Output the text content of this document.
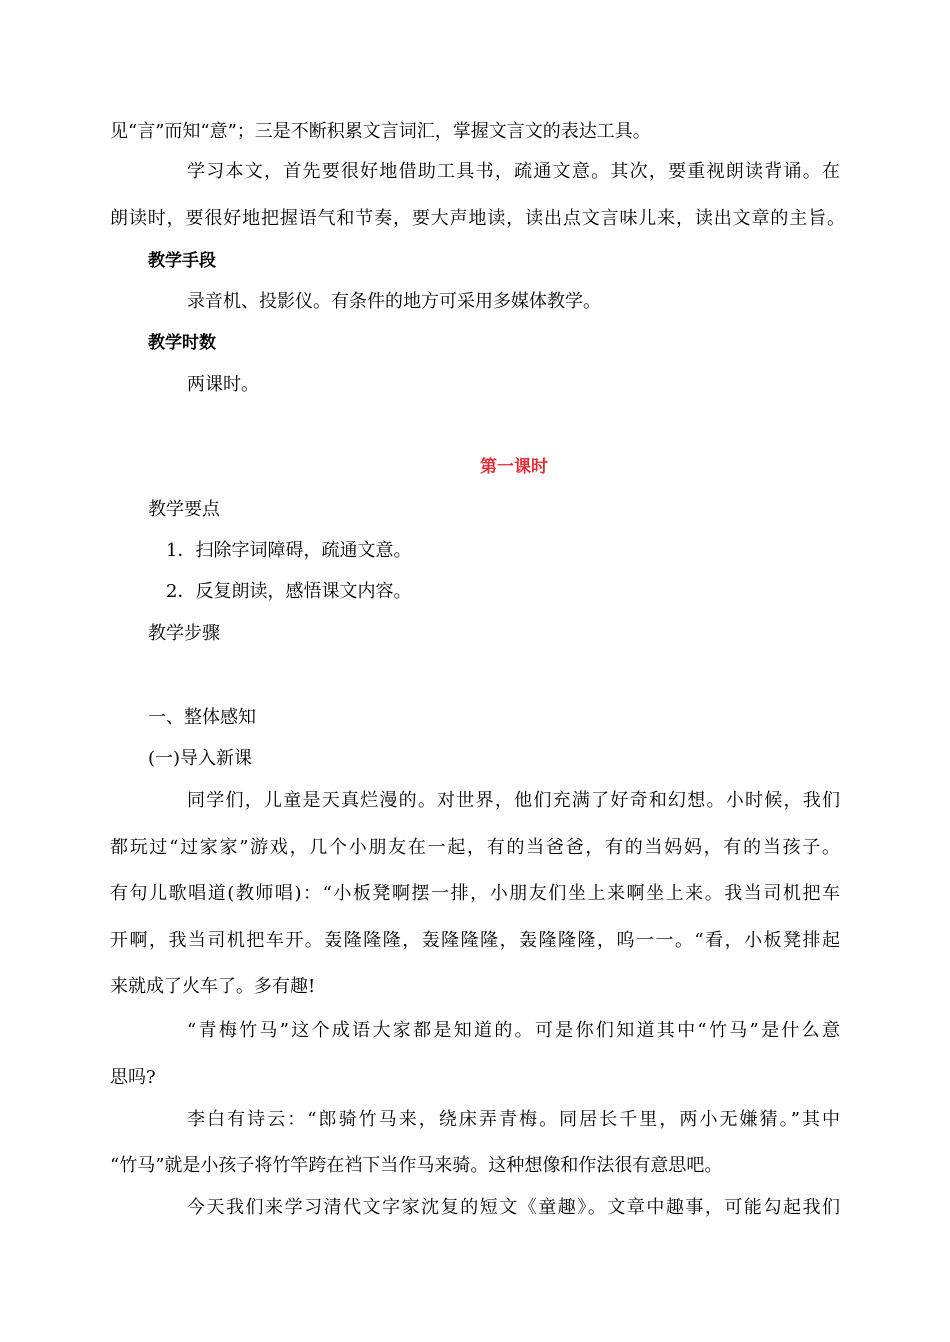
见“言”而知“意”；三是不断积累文言词汇，掌握文言文的表达工具。
学习本文，首先要很好地借助工具书，疏通文意。其次，要重视朗读背诵。在
朗读时，要很好地把握语气和节奏，要大声地读，读出点文言味儿来，读出文章的主旨。
教学手段
录音机、投影仪。有条件的地方可采用多媒体教学。
教学时数
两课时。
第一课时
教学要点
1．扫除字词障碍，疏通文意。
2．反复朗读，感悟课文内容。
教学步骤
一、整体感知
(一)导入新课
同学们，儿童是天真烂漫的。对世界，他们充满了好奇和幻想。小时候，我们
都玩过“过家家”游戏，几个小朋友在一起，有的当爸爸，有的当妈妈，有的当孩子。
有句儿歌唱道(教师唱)：“小板凳啊摆一排，小朋友们坐上来啊坐上来。我当司机把车
开啊，我当司机把车开。轰隆隆隆，轰隆隆隆，轰隆隆隆，呜一一。“看，小板凳排起
来就成了火车了。多有趣!
“青梅竹马”这个成语大家都是知道的。可是你们知道其中“竹马”是什么意
思吗?
李白有诗云：“郎骑竹马来，绕床弄青梅。同居长千里，两小无嫌猜。”其中
“竹马”就是小孩子将竹竿跨在裆下当作马来骑。这种想像和作法很有意思吧。
今天我们来学习清代文字家沈复的短文《童趣》。文章中趣事，可能勾起我们
